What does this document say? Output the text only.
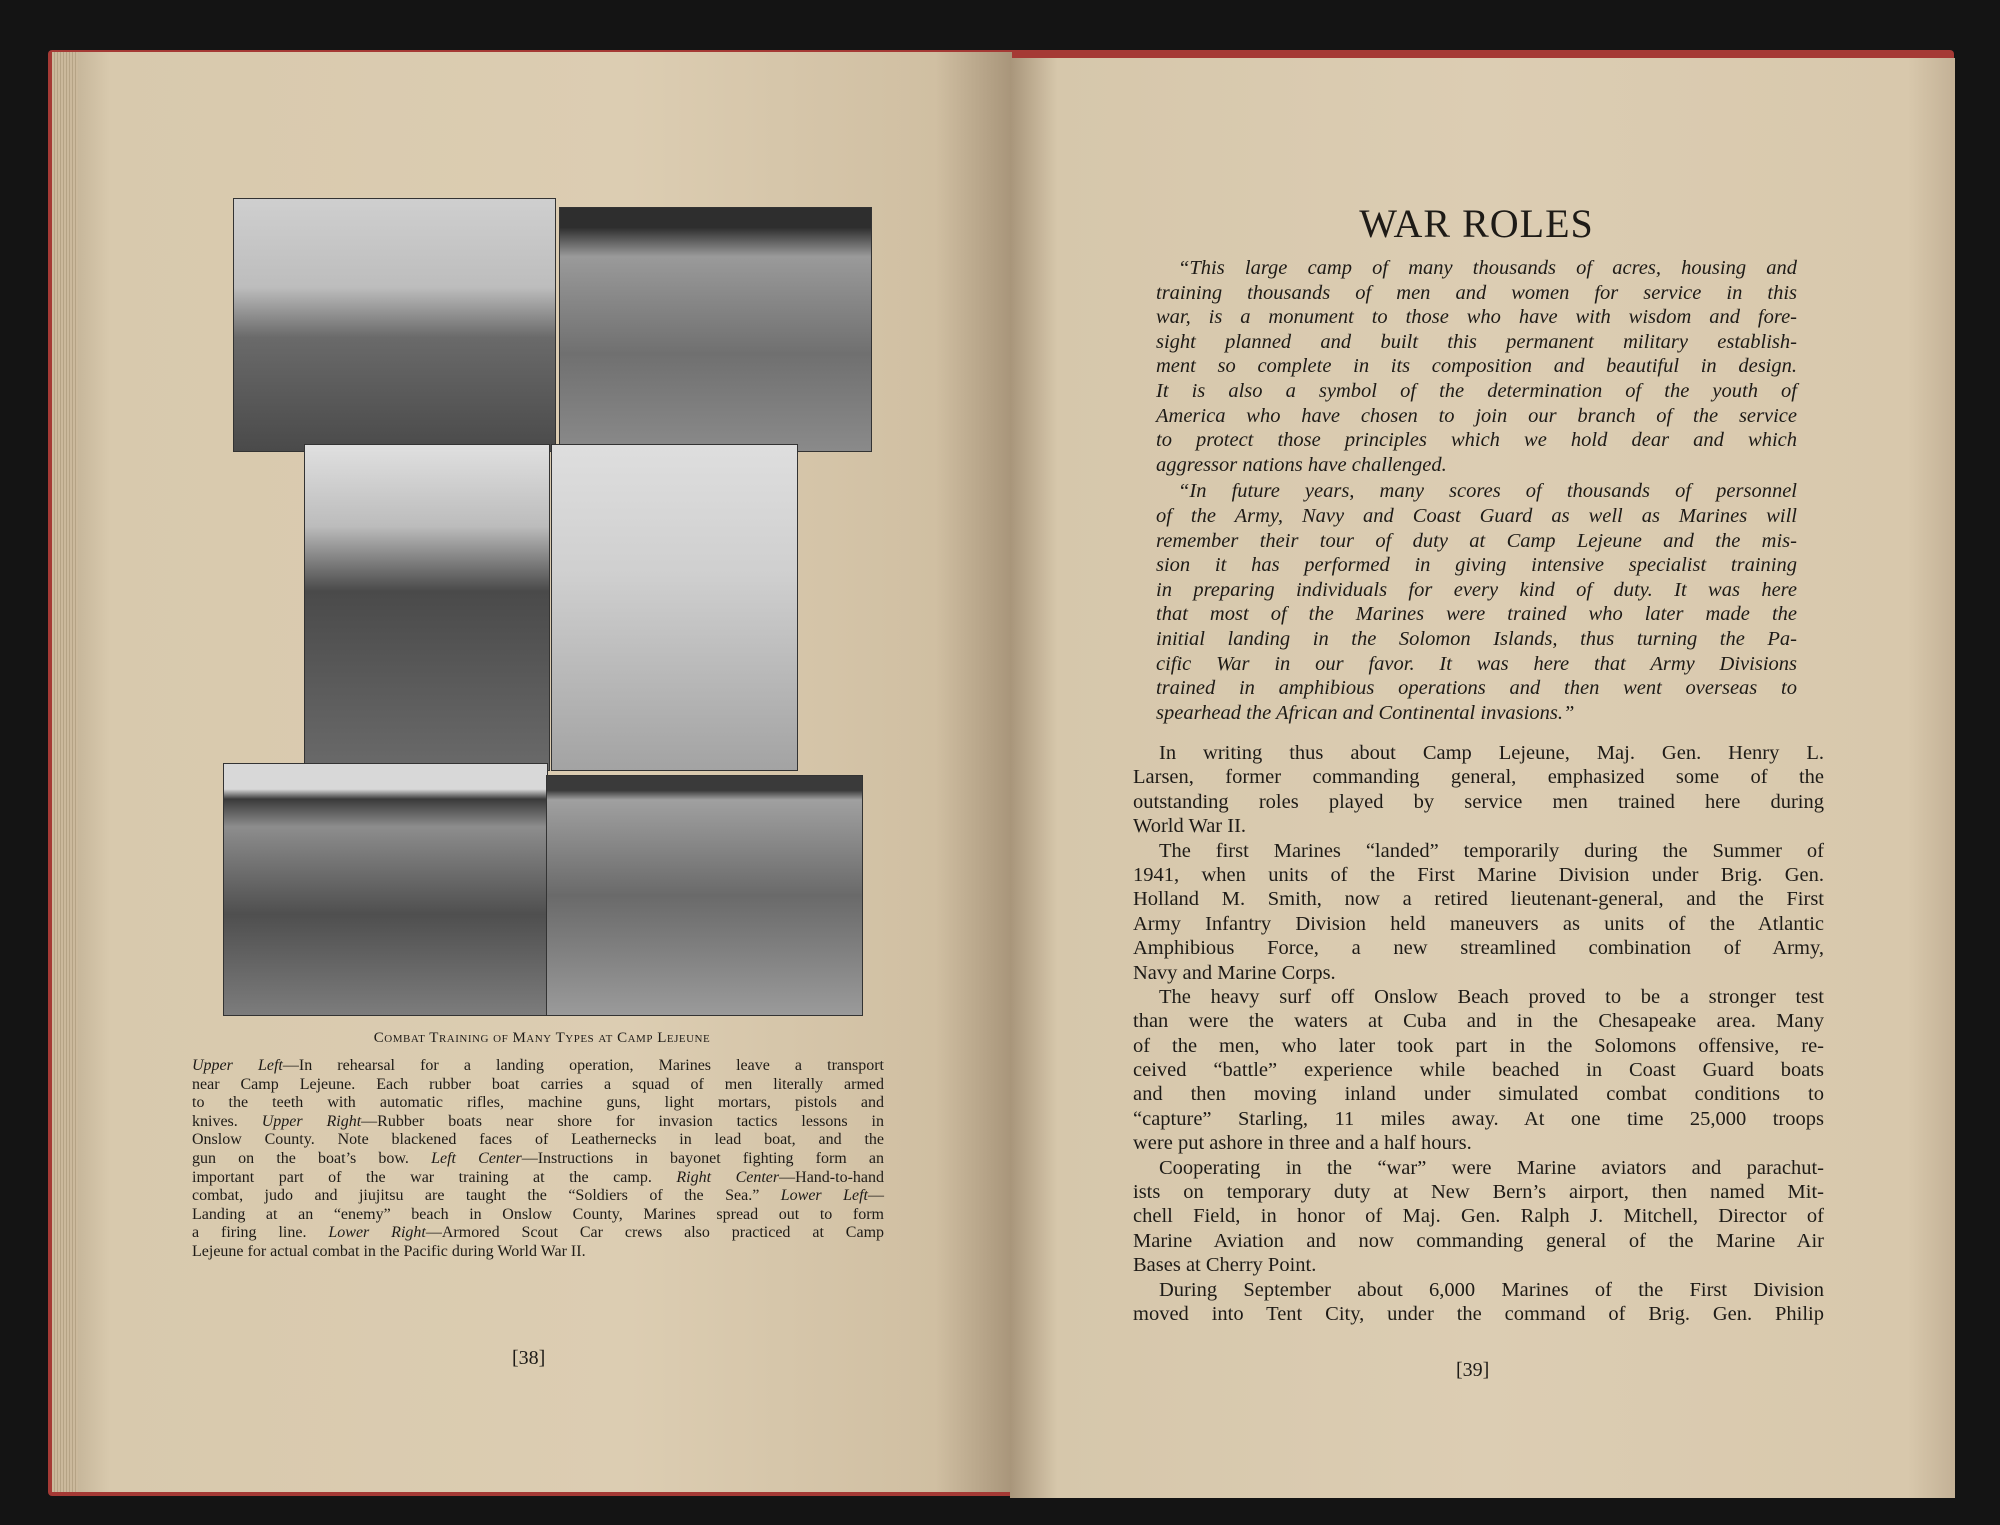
Combat Training of Many Types at Camp Lejeune
Upper Left—In rehearsal for a landing operation, Marines leave a transport
near Camp Lejeune. Each rubber boat carries a squad of men literally armed
to the teeth with automatic rifles, machine guns, light mortars, pistols and
knives. Upper Right—Rubber boats near shore for invasion tactics lessons in
Onslow County. Note blackened faces of Leathernecks in lead boat, and the
gun on the boat’s bow. Left Center—Instructions in bayonet fighting form an
important part of the war training at the camp. Right Center—Hand-to-hand
combat, judo and jiujitsu are taught the “Soldiers of the Sea.” Lower Left—
Landing at an “enemy” beach in Onslow County, Marines spread out to form
a firing line. Lower Right—Armored Scout Car crews also practiced at Camp
Lejeune for actual combat in the Pacific during World War II.
[38]
WAR ROLES
“This large camp of many thousands of acres, housing and
training thousands of men and women for service in this
war, is a monument to those who have with wisdom and fore-
sight planned and built this permanent military establish-
ment so complete in its composition and beautiful in design.
It is also a symbol of the determination of the youth of
America who have chosen to join our branch of the service
to protect those principles which we hold dear and which
aggressor nations have challenged.
“In future years, many scores of thousands of personnel
of the Army, Navy and Coast Guard as well as Marines will
remember their tour of duty at Camp Lejeune and the mis-
sion it has performed in giving intensive specialist training
in preparing individuals for every kind of duty. It was here
that most of the Marines were trained who later made the
initial landing in the Solomon Islands, thus turning the Pa-
cific War in our favor. It was here that Army Divisions
trained in amphibious operations and then went overseas to
spearhead the African and Continental invasions.”
In writing thus about Camp Lejeune, Maj. Gen. Henry L.
Larsen, former commanding general, emphasized some of the
outstanding roles played by service men trained here during
World War II.
The first Marines “landed” temporarily during the Summer of
1941, when units of the First Marine Division under Brig. Gen.
Holland M. Smith, now a retired lieutenant-general, and the First
Army Infantry Division held maneuvers as units of the Atlantic
Amphibious Force, a new streamlined combination of Army,
Navy and Marine Corps.
The heavy surf off Onslow Beach proved to be a stronger test
than were the waters at Cuba and in the Chesapeake area. Many
of the men, who later took part in the Solomons offensive, re-
ceived “battle” experience while beached in Coast Guard boats
and then moving inland under simulated combat conditions to
“capture” Starling, 11 miles away. At one time 25,000 troops
were put ashore in three and a half hours.
Cooperating in the “war” were Marine aviators and parachut-
ists on temporary duty at New Bern’s airport, then named Mit-
chell Field, in honor of Maj. Gen. Ralph J. Mitchell, Director of
Marine Aviation and now commanding general of the Marine Air
Bases at Cherry Point.
During September about 6,000 Marines of the First Division
moved into Tent City, under the command of Brig. Gen. Philip
[39]
